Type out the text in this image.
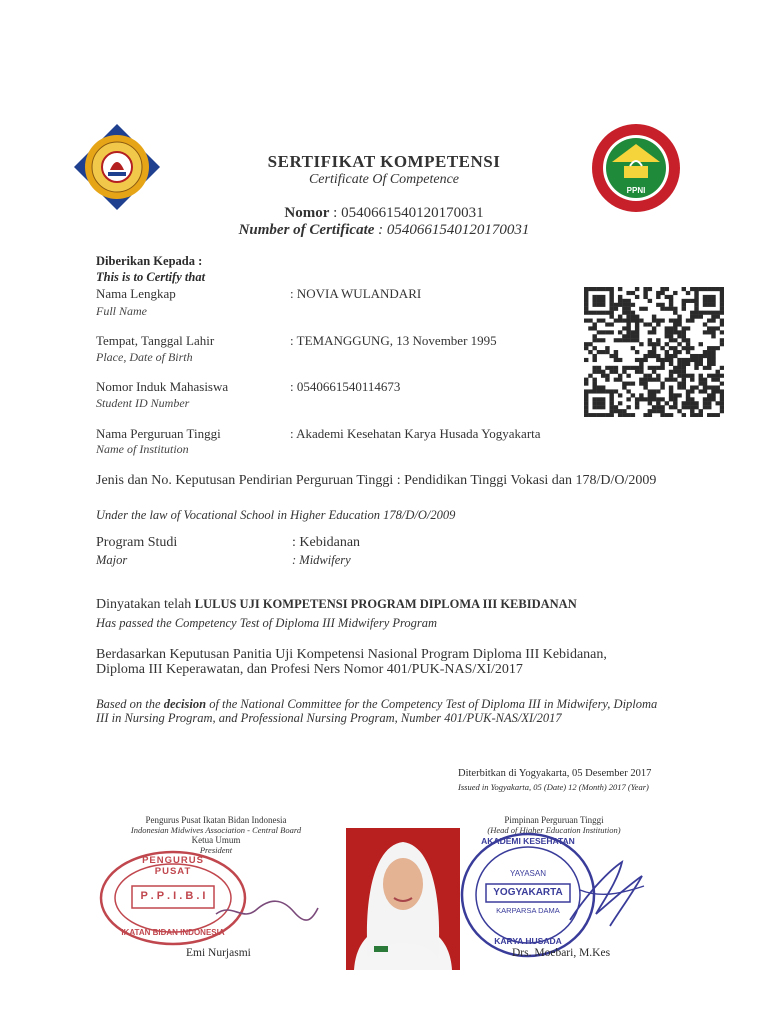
PPNI
SERTIFIKAT KOMPETENSI
Certificate Of Competence
Nomor : 0540661540120170031
Number of Certificate : 0540661540120170031
Diberikan Kepada :
This is to Certify that
Nama Lengkap
Full Name
: NOVIA WULANDARI
Tempat, Tanggal Lahir
Place, Date of Birth
: TEMANGGUNG, 13 November 1995
Nomor Induk Mahasiswa
Student ID Number
: 0540661540114673
Nama Perguruan Tinggi
Name of Institution
: Akademi Kesehatan Karya Husada Yogyakarta
Jenis dan No. Keputusan Pendirian Perguruan Tinggi : Pendidikan Tinggi Vokasi dan 178/D/O/2009
Under the law of Vocational School in Higher Education 178/D/O/2009
Program Studi
Major
: Kebidanan
: Midwifery
Dinyatakan telah LULUS UJI KOMPETENSI PROGRAM DIPLOMA III KEBIDANAN
Has passed the Competency Test of Diploma III Midwifery Program
Berdasarkan Keputusan Panitia Uji Kompetensi Nasional Program Diploma III Kebidanan, Diploma III Keperawatan, dan Profesi Ners Nomor 401/PUK-NAS/XI/2017
Based on the decision of the National Committee for the Competency Test of Diploma III in Midwifery, Diploma III in Nursing Program, and Professional Nursing Program, Number 401/PUK-NAS/XI/2017
Diterbitkan di Yogyakarta, 05 Desember 2017
Issued in Yogyakarta, 05 (Date) 12 (Month) 2017 (Year)
Pengurus Pusat Ikatan Bidan Indonesia
Indonesian Midwives Association - Central Board
Ketua Umum
President
PENGURUS PUSAT
P . P . I . B . I
IKATAN BIDAN INDONESIA
Emi Nurjasmi
Pimpinan Perguruan Tinggi
(Head of Higher Education Institution)
AKADEMI KESEHATAN
YAYASAN
YOGYAKARTA
KARPARSA DAMA
KARYA HUSADA
Drs. Moebari, M.Kes
